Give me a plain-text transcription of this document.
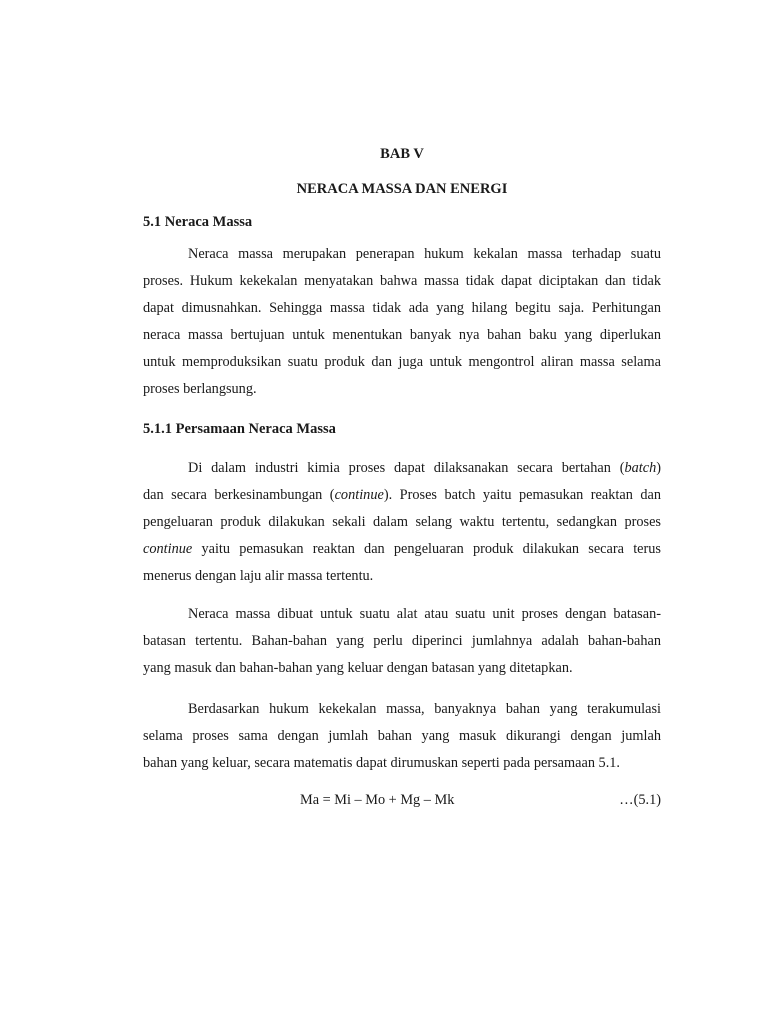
BAB V
NERACA MASSA DAN ENERGI
5.1 Neraca Massa
Neraca massa merupakan penerapan hukum kekalan massa terhadap suatu
proses. Hukum kekekalan menyatakan bahwa massa tidak dapat diciptakan dan tidak
dapat dimusnahkan. Sehingga massa tidak ada yang hilang begitu saja. Perhitungan
neraca massa bertujuan untuk menentukan banyak nya bahan baku yang diperlukan
untuk memproduksikan suatu produk dan juga untuk mengontrol aliran massa selama
proses berlangsung.
5.1.1 Persamaan Neraca Massa
Di dalam industri kimia proses dapat dilaksanakan secara bertahan (batch)
dan secara berkesinambungan (continue). Proses batch yaitu pemasukan reaktan dan
pengeluaran produk dilakukan sekali dalam selang waktu tertentu, sedangkan proses
continue yaitu pemasukan reaktan dan pengeluaran produk dilakukan secara terus
menerus dengan laju alir massa tertentu.
Neraca massa dibuat untuk suatu alat atau suatu unit proses dengan batasan-
batasan tertentu. Bahan-bahan yang perlu diperinci jumlahnya adalah bahan-bahan
yang masuk dan bahan-bahan yang keluar dengan batasan yang ditetapkan.
Berdasarkan hukum kekekalan massa, banyaknya bahan yang terakumulasi
selama proses sama dengan jumlah bahan yang masuk dikurangi dengan jumlah
bahan yang keluar, secara matematis dapat dirumuskan seperti pada persamaan 5.1.
Ma = Mi – Mo + Mg – Mk	…(5.1)
